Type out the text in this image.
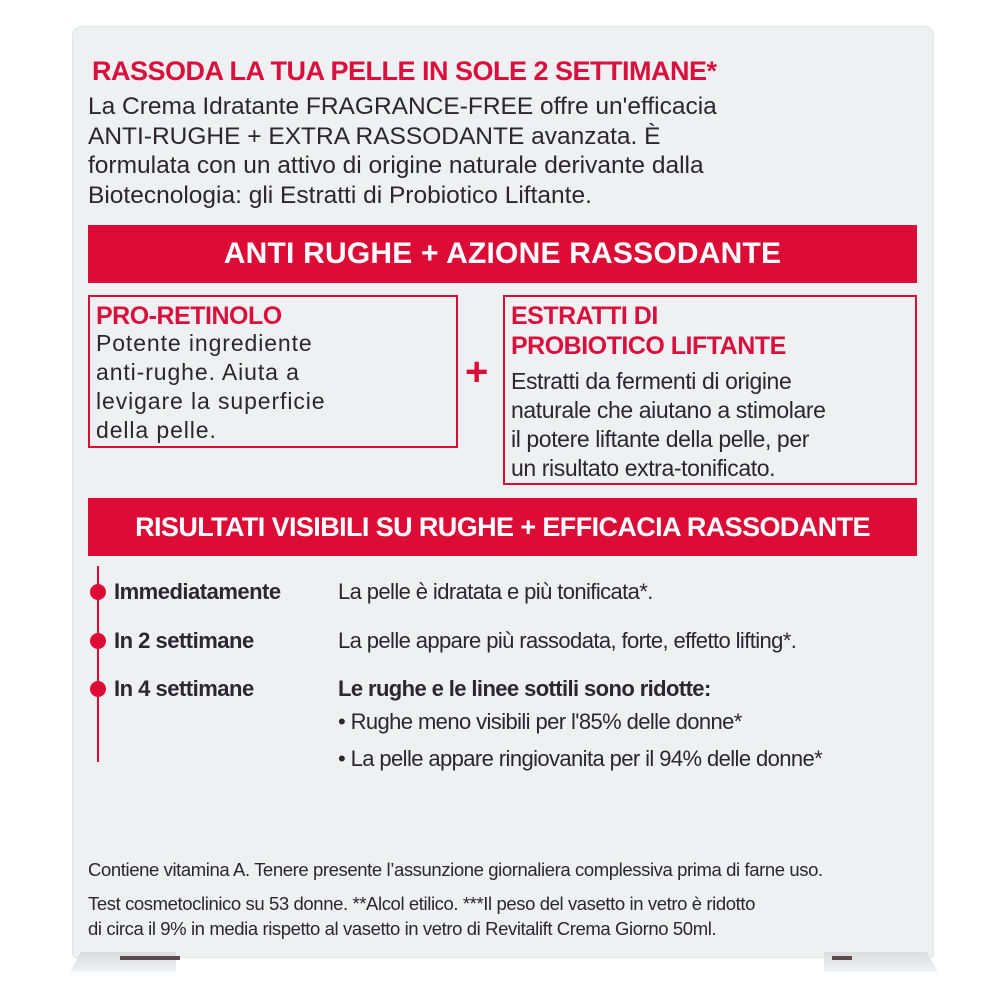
RASSODA LA TUA PELLE IN SOLE 2 SETTIMANE*
La Crema Idratante FRAGRANCE-FREE offre un'efficacia
ANTI-RUGHE + EXTRA RASSODANTE avanzata. È
formulata con un attivo di origine naturale derivante dalla
Biotecnologia: gli Estratti di Probiotico Liftante.
ANTI RUGHE + AZIONE RASSODANTE
PRO-RETINOLO
Potente ingrediente
anti-rughe. Aiuta a
levigare la superficie
della pelle.
+
ESTRATTI DI
PROBIOTICO LIFTANTE
Estratti da fermenti di origine
naturale che aiutano a stimolare
il potere liftante della pelle, per
un risultato extra-tonificato.
RISULTATI VISIBILI SU RUGHE + EFFICACIA RASSODANTE
Immediatamente	La pelle è idratata e più tonificata*.
In 2 settimane	La pelle appare più rassodata, forte, effetto lifting*.
In 4 settimane	Le rughe e le linee sottili sono ridotte:
• Rughe meno visibili per l'85% delle donne*
• La pelle appare ringiovanita per il 94% delle donne*
Contiene vitamina A. Tenere presente l’assunzione giornaliera complessiva prima di farne uso.
Test cosmetoclinico su 53 donne. **Alcol etilico. ***Il peso del vasetto in vetro è ridotto
di circa il 9% in media rispetto al vasetto in vetro di Revitalift Crema Giorno 50ml.
